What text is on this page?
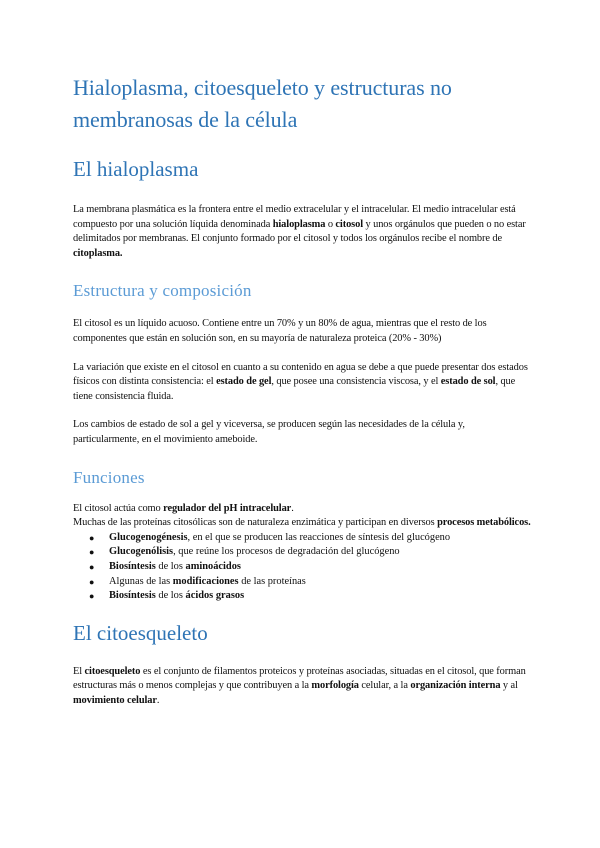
Hialoplasma, citoesqueleto y estructuras no
membranosas de la célula
El hialoplasma

La membrana plasmática es la frontera entre el medio extracelular y el intracelular. El medio intracelular está compuesto por una solución líquida denominada hialoplasma o citosol y unos orgánulos que pueden o no estar delimitados por membranas. El conjunto formado por el citosol y todos los orgánulos recibe el nombre de citoplasma.

Estructura y composición

El citosol es un líquido acuoso. Contiene entre un 70% y un 80% de agua, mientras que el resto de los componentes que están en solución son, en su mayoría de naturaleza proteica (20% - 30%)

La variación que existe en el citosol en cuanto a su contenido en agua se debe a que puede presentar dos estados físicos con distinta consistencia: el estado de gel, que posee una consistencia viscosa, y el estado de sol, que tiene consistencia fluida.

Los cambios de estado de sol a gel y viceversa, se producen según las necesidades de la célula y, particularmente, en el movimiento ameboide.

Funciones

El citosol actúa como regulador del pH intracelular.

Muchas de las proteínas citosólicas son de naturaleza enzimática y participan en diversos procesos metabólicos.

● Glucogenogénesis, en el que se producen las reacciones de síntesis del glucógeno
● Glucogenólisis, que reúne los procesos de degradación del glucógeno
● Biosíntesis de los aminoácidos
● Algunas de las modificaciones de las proteínas
● Biosíntesis de los ácidos grasos
El citoesqueleto

El citoesqueleto es el conjunto de filamentos proteicos y proteínas asociadas, situadas en el citosol, que forman estructuras más o menos complejas y que contribuyen a la morfología celular, a la organización interna y al movimiento celular.
